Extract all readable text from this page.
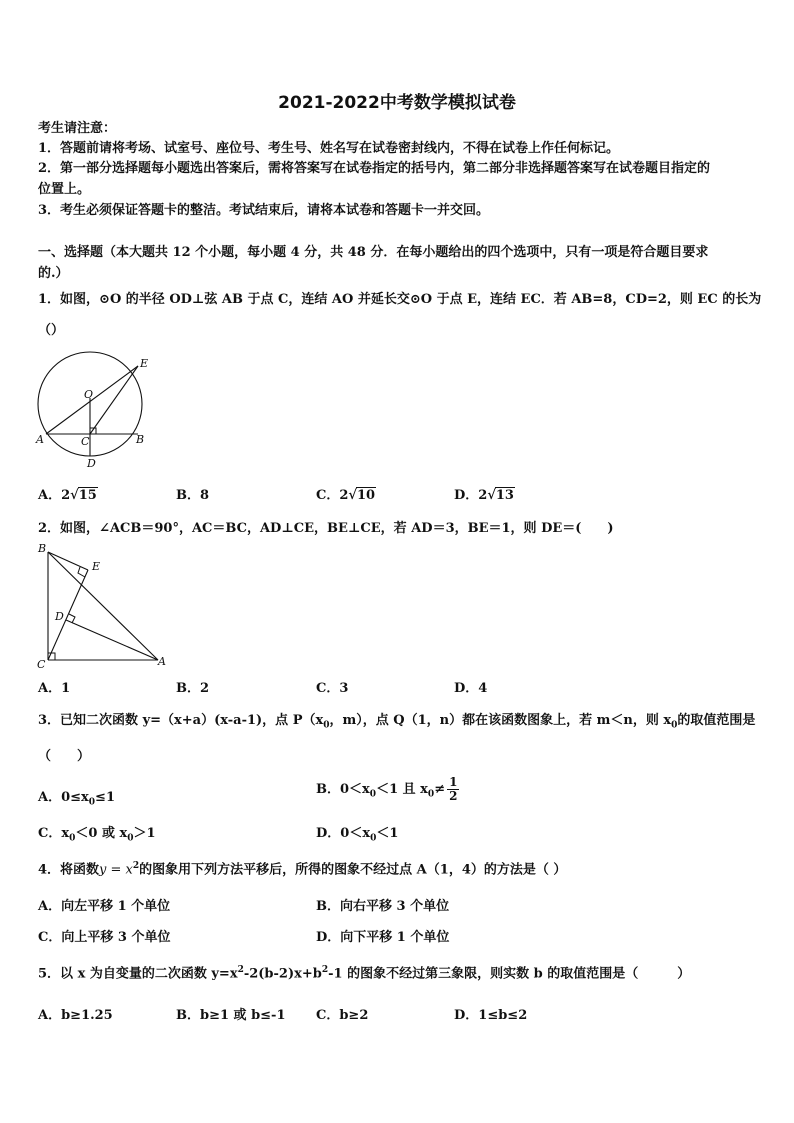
2021-2022中考数学模拟试卷
考生请注意：
1．答题前请将考场、试室号、座位号、考生号、姓名写在试卷密封线内，不得在试卷上作任何标记。
2．第一部分选择题每小题选出答案后，需将答案写在试卷指定的括号内，第二部分非选择题答案写在试卷题目指定的
位置上。
3．考生必须保证答题卡的整洁。考试结束后，请将本试卷和答题卡一并交回。
一、选择题（本大题共 12 个小题，每小题 4 分，共 48 分．在每小题给出的四个选项中，只有一项是符合题目要求
的.）
1．如图，⊙O 的半径 OD⊥弦 AB 于点 C，连结 AO 并延长交⊙O 于点 E，连结 EC．若 AB=8，CD=2，则 EC 的长为
（）
E
O
A	C	B
D
A．2√15	B．8	C．2√10	D．2√13
2．如图，∠ACB＝90°，AC＝BC，AD⊥CE，BE⊥CE，若 AD＝3，BE＝1，则 DE＝(　　)
B
E
D
C	A
A．1	B．2	C．3	D．4
3．已知二次函数 y=（x+a）(x-a-1)，点 $P(x_0$，m），点 Q（1，n）都在该函数图象上，若 m＜n，则 $x_0$的取值范围是
（　　）
A．$0\le x_0\le 1$
B．$0<x_0<1$ 且 $x_0\ne \frac{1}{2}$
C．$x_0<0$ 或 $x_0>1$	D．$0<x_0<1$
4．将函数$y = x^2$的图象用下列方法平移后，所得的图象不经过点 A（1，4）的方法是（ ）
A．向左平移 1 个单位	B．向右平移 3 个单位
C．向上平移 3 个单位	D．向下平移 1 个单位
5．以 x 为自变量的二次函数 $y=x^2-2(b-2)x+b^2-1$ 的图象不经过第三象限，则实数 b 的取值范围是（　　　）
A．b≥1.25	B．b≥1 或 b≤-1 C．b≥2	D．1≤b≤2
